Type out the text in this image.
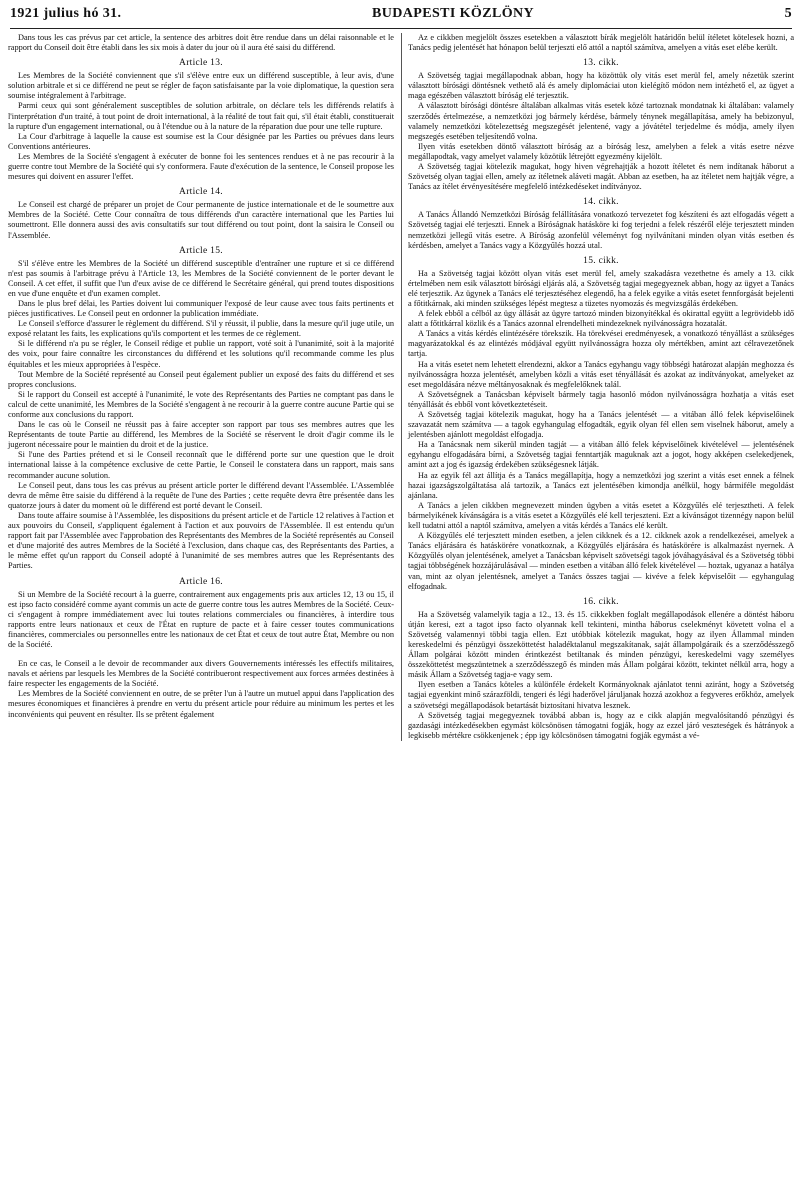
1921 julius hó 31.	BUDAPESTI KÖZLÖNY	5

Dans tous les cas prévus par cet article, la sentence des arbitres doit être rendue dans un délai raisonnable et le rapport du Conseil doit être établi dans les six mois à dater du jour où il aura été saisi du différend.

Article 13.

Les Membres de la Société conviennent que s'il s'élève entre eux un différend susceptible, à leur avis, d'une solution arbitrale et si ce différend ne peut se régler de façon satisfaisante par la voie diplomatique, la question sera soumise intégralement à l'arbitrage.

Parmi ceux qui sont généralement susceptibles de solution arbitrale, on déclare tels les différends relatifs à l'interprétation d'un traité, à tout point de droit international, à la réalité de tout fait qui, s'il était établi, constituerait la rupture d'un engagement international, ou à l'étendue ou à la nature de la réparation due pour une telle rupture.

La Cour d'arbitrage à laquelle la cause est soumise est la Cour désignée par les Parties ou prévues dans leurs Conventions antérieures.

Les Membres de la Société s'engagent à exécuter de bonne foi les sentences rendues et à ne pas recourir à la guerre contre tout Membre de la Société qui s'y conformera. Faute d'exécution de la sentence, le Conseil propose les mesures qui doivent en assurer l'effet.

Article 14.

Le Conseil est chargé de préparer un projet de Cour permanente de justice internationale et de le soumettre aux Membres de la Société. Cette Cour connaîtra de tous différends d'un caractère international que les Parties lui soumettront. Elle donnera aussi des avis consultatifs sur tout différend ou tout point, dont la saisira le Conseil ou l'Assemblée.

Article 15.

S'il s'élève entre les Membres de la Société un différend susceptible d'entraîner une rupture et si ce différend n'est pas soumis à l'arbitrage prévu à l'Article 13, les Membres de la Société conviennent de le porter devant le Conseil. A cet effet, il suffit que l'un d'eux avise de ce différend le Secrétaire général, qui prend toutes dispositions en vue d'une enquête et d'un examen complet.

Dans le plus bref délai, les Parties doivent lui communiquer l'exposé de leur cause avec tous faits pertinents et pièces justificatives. Le Conseil peut en ordonner la publication immédiate.

Le Conseil s'efforce d'assurer le règlement du différend. S'il y réussit, il publie, dans la mesure qu'il juge utile, un exposé relatant les faits, les explications qu'ils comportent et les termes de ce règlement.

Si le différend n'a pu se régler, le Conseil rédige et publie un rapport, voté soit à l'unanimité, soit à la majorité des voix, pour faire connaître les circonstances du différend et les solutions qu'il recommande comme les plus équitables et les mieux appropriées à l'espèce.

Tout Membre de la Société représenté au Conseil peut également publier un exposé des faits du différend et ses propres conclusions.

Si le rapport du Conseil est accepté à l'unanimité, le vote des Représentants des Parties ne comptant pas dans le calcul de cette unanimité, les Membres de la Société s'engagent à ne recourir à la guerre contre aucune Partie qui se conforme aux conclusions du rapport.

Dans le cas où le Conseil ne réussit pas à faire accepter son rapport par tous ses membres autres que les Représentants de toute Partie au différend, les Membres de la Société se réservent le droit d'agir comme ils le jugeront nécessaire pour le maintien du droit et de la justice.

Si l'une des Parties prétend et si le Conseil reconnaît que le différend porte sur une question que le droit international laisse à la compétence exclusive de cette Partie, le Conseil le constatera dans un rapport, mais sans recommander aucune solution.

Le Conseil peut, dans tous les cas prévus au présent article porter le différend devant l'Assemblée. L'Assemblée devra de même être saisie du différend à la requête de l'une des Parties ; cette requête devra être présentée dans les quatorze jours à dater du moment où le différend est porté devant le Conseil.

Dans toute affaire soumise à l'Assemblée, les dispositions du présent article et de l'article 12 relatives à l'action et aux pouvoirs du Conseil, s'appliquent également à l'action et aux pouvoirs de l'Assemblée. Il est entendu qu'un rapport fait par l'Assemblée avec l'approbation des Représentants des Membres de la Société représentés au Conseil et d'une majorité des autres Membres de la Société à l'exclusion, dans chaque cas, des Représentants des Parties, a le même effet qu'un rapport du Conseil adopté à l'unanimité de ses membres autres que les Représentants des Parties.

Article 16.

Si un Membre de la Société recourt à la guerre, contrairement aux engagements pris aux articles 12, 13 ou 15, il est ipso facto considéré comme ayant commis un acte de guerre contre tous les autres Membres de la Société. Ceux-ci s'engagent à rompre immédiatement avec lui toutes relations commerciales ou financières, à interdire tous rapports entre leurs nationaux et ceux de l'État en rupture de pacte et à faire cesser toutes communications financières, commerciales ou personnelles entre les nationaux de cet État et ceux de tout autre État, Membre ou non de la Société.

En ce cas, le Conseil a le devoir de recommander aux divers Gouvernements intéressés les effectifs militaires, navals et aériens par lesquels les Membres de la Société contribueront respectivement aux forces armées destinées à faire respecter les engagements de la Société.

Les Membres de la Société conviennent en outre, de se prêter l'un à l'autre un mutuel appui dans l'application des mesures économiques et financières à prendre en vertu du présent article pour réduire au minimum les pertes et les inconvénients qui peuvent en résulter. Ils se prêtent également

Az e cikkben megjelölt összes esetekben a választott bírák megjelölt határidőn belül ítéletet kötelesek hozni, a Tanács pedig jelentését hat hónapon belül terjeszti elő attól a naptól számítva, amelyen a vitás eset elébe került.

13. cikk.

A Szövetség tagjai megállapodnak abban, hogy ha közöttük oly vitás eset merül fel, amely nézetük szerint választott bírósági döntésnek vethető alá és amely diplomáciai uton kielégítő módon nem intézhető el, az ügyet a maga egészében választott bíróság elé terjesztik.

A választott bírósági döntésre általában alkalmas vitás esetek közé tartoznak mondatnak ki általában: valamely szerződés értelmezése, a nemzetközi jog bármely kérdése, bármely ténynek megállapítása, amely ha bebizonyul, valamely nemzetközi kötelezettség megszegését jelentené, vagy a jóvátétel terjedelme és módja, amely ilyen megszegés esetében teljesítendő volna.

Ilyen vitás esetekben döntő választott bíróság az a bíróság lesz, amelyben a felek a vitás esetre nézve megállapodtak, vagy amelyet valamely közötük létrejött egyezmény kijelölt.

A Szövetség tagjai kötelezik magukat, hogy hiven végrehajtják a hozott ítéletet és nem indítanak háborut a Szövetség olyan tagjai ellen, amely az ítéletnek aláveti magát. Abban az esetben, ha az ítéletet nem hajtják végre, a Tanács az ítélet érvényesítésére megfelelő intézkedéseket indítványoz.

14. cikk.

A Tanács Állandó Nemzetközi Bíróság felállítására vonatkozó tervezetet fog készíteni és azt elfogadás végett a Szövetség tagjai elé terjeszti. Ennek a Bíróságnak hatásköre ki fog terjedni a felek részéről eléje terjesztett minden nemzetközi jellegű vitás esetre. A Bíróság azonfelül véleményt fog nyilvánítani minden olyan vitás esetben és kérdésben, amelyet a Tanács vagy a Közgyűlés hozzá utal.

15. cikk.

Ha a Szövetség tagjai között olyan vitás eset merül fel, amely szakadásra vezethetne és amely a 13. cikk értelmében nem esik választott bírósági eljárás alá, a Szövetség tagjai megegyeznek abban, hogy az ügyet a Tanács elé terjesztik. Az ügynek a Tanács elé terjesztéséhez elegendő, ha a felek egyike a vitás esetet fennforgását bejelenti a főtitkárnak, aki minden szükséges lépést megtesz a tüzetes nyomozás és megvizsgálás érdekében.

A felek ebből a célból az ügy állását az ügyre tartozó minden bizonyítékkal és okirattal együtt a legrövidebb idő alatt a főtitkárral közlik és a Tanács azonnal elrendelheti mindezeknek nyilvánosságra hozatalát.

A Tanács a vitás kérdés elintézésére törekszik. Ha törekvései eredményesek, a vonatkozó tényállást a szükséges magyarázatokkal és az elintézés módjával együtt nyilvánosságra hozza oly mértékben, amint azt célravezetőnek tartja.

Ha a vitás esetet nem lehetett elrendezni, akkor a Tanács egyhangu vagy többségi határozat alapján meghozza és nyilvánosságra hozza jelentését, amelyben közli a vitás eset tényállását és azokat az indítványokat, amelyeket az eset megoldására nézve méltányosaknak és megfelelőknek talál.

A Szövetségnek a Tanácsban képviselt bármely tagja hasonló módon nyilvánosságra hozhatja a vitás eset tényállását és ebből vont következtetéseit.

A Szövetség tagjai kötelezik magukat, hogy ha a Tanács jelentését — a vitában álló felek képviselőinek szavazatát nem számítva — a tagok egyhangulag elfogadták, egyik olyan fél ellen sem viselnek háborut, amely a jelentésben ajánlott megoldást elfogadja.

Ha a Tanácsnak nem sikerül minden tagját — a vitában álló felek képviselőinek kivételével — jelentésének egyhangu elfogadására bírni, a Szövetség tagjai fenntartják maguknak azt a jogot, hogy akképen cselekedjenek, amint azt a jog és igazság érdekében szükségesnek látják.

Ha az egyik fél azt állítja és a Tanács megállapítja, hogy a nemzetközi jog szerint a vitás eset ennek a félnek hazai igazságszolgáltatása alá tartozik, a Tanács ezt jelentésében kimondja anélkül, hogy bármiféle megoldást ajánlana.

A Tanács a jelen cikkben megnevezett minden ügyben a vitás esetet a Közgyűlés elé terjesztheti. A felek bármelyikének kívánságára is a vitás esetet a Közgyűlés elé kell terjeszteni. Ezt a kívánságot tizennégy napon belül kell tudatni attól a naptól számítva, amelyen a vitás kérdés a Tanács elé került.

A Közgyűlés elé terjesztett minden esetben, a jelen cikknek és a 12. cikknek azok a rendelkezései, amelyek a Tanács eljárására és hatáskörére vonatkoznak, a Közgyűlés eljárására és hatáskörére is alkalmazást nyernek. A Közgyűlés olyan jelentésének, amelyet a Tanácsban képviselt szövetségi tagok jóváhagyásával és a Szövetség többi tagjai többségének hozzájárulásával — minden esetben a vitában álló felek kivételével — hoztak, ugyanaz a hatálya van, mint az olyan jelentésnek, amelyet a Tanács összes tagjai — kivéve a felek képviselőit — egyhangulag elfogadnak.

16. cikk.

Ha a Szövetség valamelyik tagja a 12., 13. és 15. cikkekben foglalt megállapodások ellenére a döntést háboru útján keresi, ezt a tagot ipso facto olyannak kell tekinteni, mintha háborus cselekményt követett volna el a Szövetség valamennyi többi tagja ellen. Ezt utóbbiak kötelezik magukat, hogy az ilyen Állammal minden kereskedelmi és pénzügyi összeköttetést haladéktalanul megszakítanak, saját állampolgáraik és a szerződésszegő Állam polgárai között minden érintkezést betiltanak és minden pénzügyi, kereskedelmi vagy személyes összeköttetést megszüntetnek a szerződésszegő és minden más Állam polgárai között, tekintet nélkül arra, hogy a másik Állam a Szövetség tagja-e vagy sem.

Ilyen esetben a Tanács köteles a különféle érdekelt Kormányoknak ajánlatot tenni aziránt, hogy a Szövetség tagjai egyenkint minő szárazföldi, tengeri és légi haderővel járuljanak hozzá azokhoz a fegyveres erőkhöz, amelyek a szövetségi megállapodások betartását biztosítani hivatva lesznek.

A Szövetség tagjai megegyeznek továbbá abban is, hogy az e cikk alapján megvalósítandó pénzügyi és gazdasági intézkedésekben egymást kölcsönösen támogatni fogják, hogy az ezzel járó veszteségek és hátrányok a legkisebb mértékre csökkenjenek ; épp igy kölcsönösen támogatni fogják egymást a vé-
